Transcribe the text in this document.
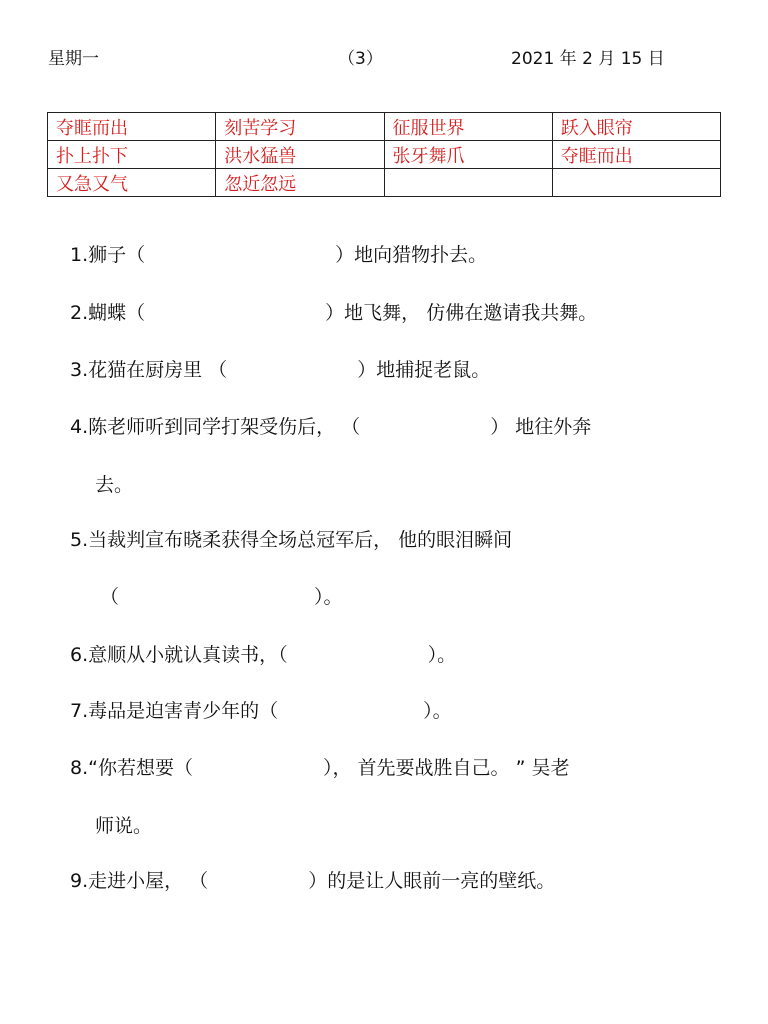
星期一	（3）	2021 年 2 月 15 日
夺眶而出	刻苦学习	征服世界	跃入眼帘
扑上扑下	洪水猛兽	张牙舞爪	夺眶而出
又急又气	忽近忽远		
1.狮子（	）地向猎物扑去。
2.蝴蝶（	）地飞舞， 仿佛在邀请我共舞。
3.花猫在厨房里 （	）地捕捉老鼠。
4.陈老师听到同学打架受伤后， （	） 地往外奔
去。
5.当裁判宣布晓柔获得全场总冠军后， 他的眼泪瞬间
（	）。
6.意顺从小就认真读书，（	）。
7.毒品是迫害青少年的（	）。
8.“你若想要（	）， 首先要战胜自己。 ” 吴老
师说。
9.走进小屋， （	）的是让人眼前一亮的壁纸。
